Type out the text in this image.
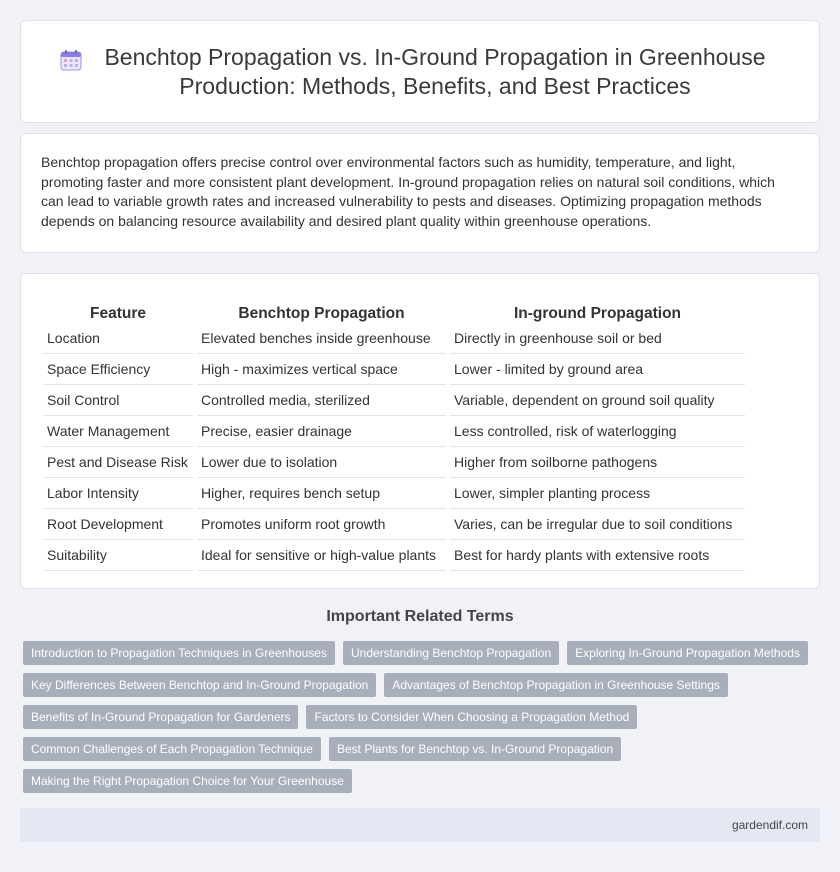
Benchtop Propagation vs. In-Ground Propagation in Greenhouse Production: Methods, Benefits, and Best Practices

Benchtop propagation offers precise control over environmental factors such as humidity, temperature, and light, promoting faster and more consistent plant development. In-ground propagation relies on natural soil conditions, which can lead to variable growth rates and increased vulnerability to pests and diseases. Optimizing propagation methods depends on balancing resource availability and desired plant quality within greenhouse operations.

Feature	Benchtop Propagation	In-ground Propagation
Location	Elevated benches inside greenhouse	Directly in greenhouse soil or bed
Space Efficiency	High - maximizes vertical space	Lower - limited by ground area
Soil Control	Controlled media, sterilized	Variable, dependent on ground soil quality
Water Management	Precise, easier drainage	Less controlled, risk of waterlogging
Pest and Disease Risk	Lower due to isolation	Higher from soilborne pathogens
Labor Intensity	Higher, requires bench setup	Lower, simpler planting process
Root Development	Promotes uniform root growth	Varies, can be irregular due to soil conditions
Suitability	Ideal for sensitive or high-value plants	Best for hardy plants with extensive roots
Important Related Terms
Introduction to Propagation Techniques in Greenhouses	Understanding Benchtop Propagation	Exploring In-Ground Propagation Methods
Key Differences Between Benchtop and In-Ground Propagation	Advantages of Benchtop Propagation in Greenhouse Settings
Benefits of In-Ground Propagation for Gardeners	Factors to Consider When Choosing a Propagation Method
Common Challenges of Each Propagation Technique	Best Plants for Benchtop vs. In-Ground Propagation
Making the Right Propagation Choice for Your Greenhouse
gardendif.com
